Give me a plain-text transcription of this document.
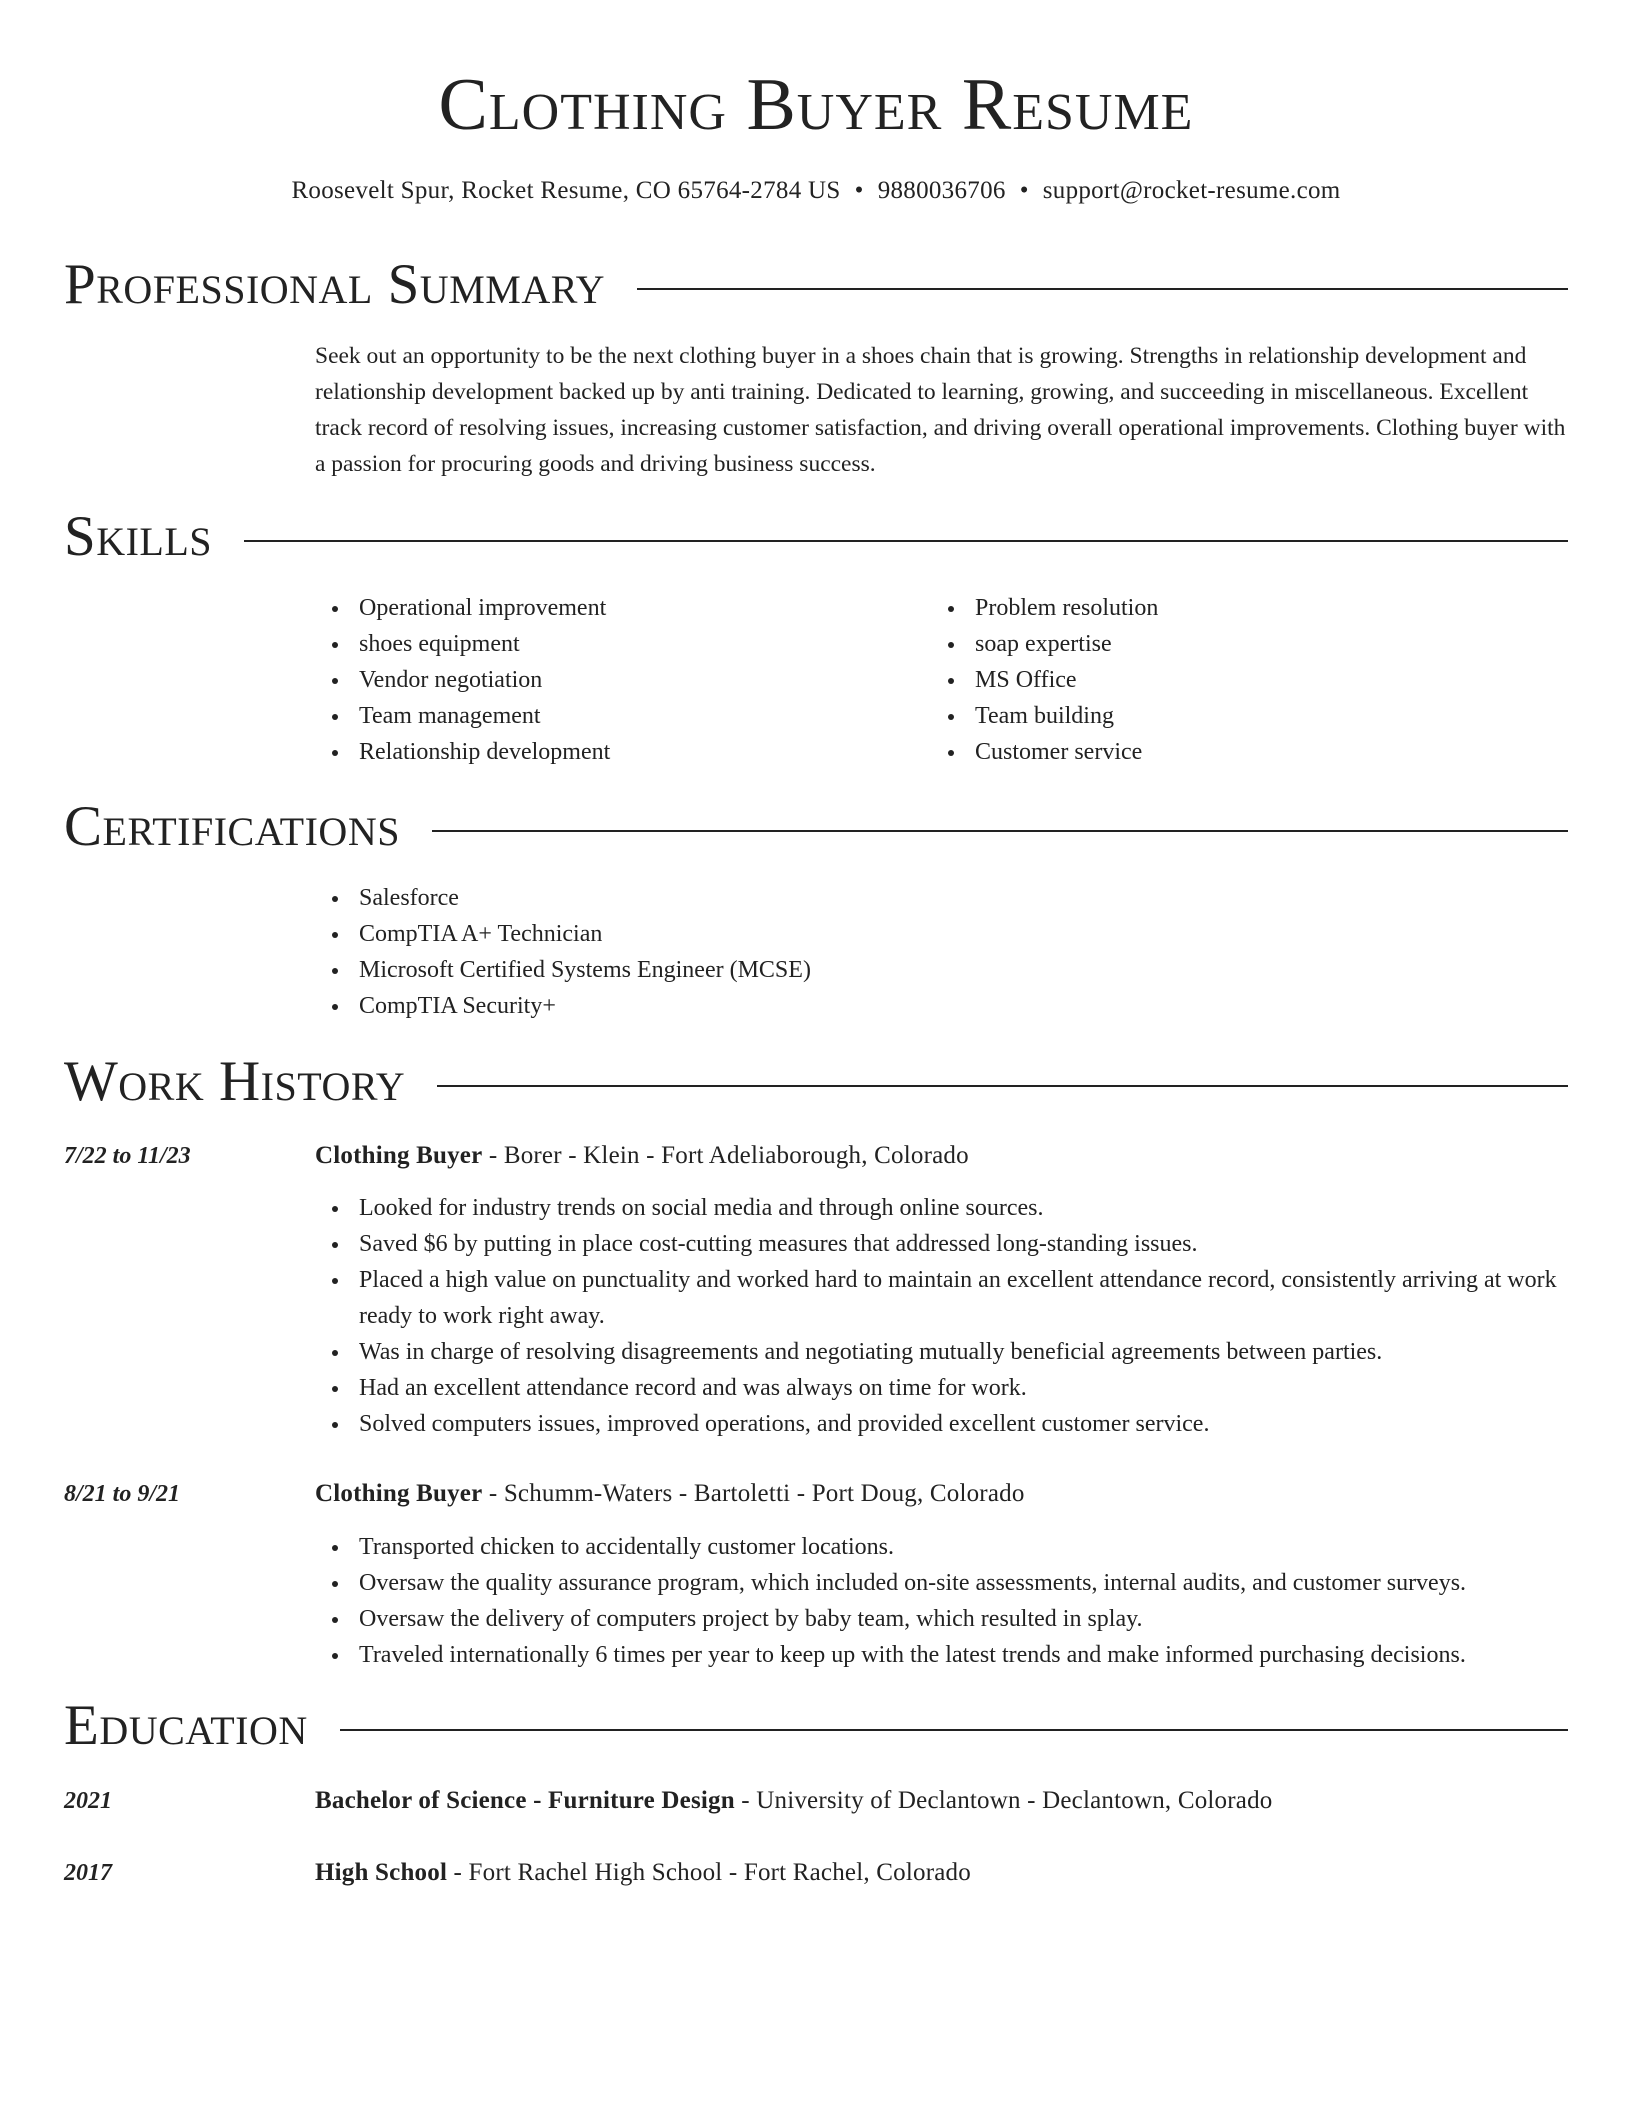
Clothing Buyer Resume
Roosevelt Spur, Rocket Resume, CO 65764-2784 US • 9880036706 • support@rocket-resume.com
Professional Summary

Seek out an opportunity to be the next clothing buyer in a shoes chain that is growing. Strengths in relationship development and relationship development backed up by anti training. Dedicated to learning, growing, and succeeding in miscellaneous. Excellent track record of resolving issues, increasing customer satisfaction, and driving overall operational improvements. Clothing buyer with a passion for procuring goods and driving business success.

Skills
Operational improvement
shoes equipment
Vendor negotiation
Team management
Relationship development
Problem resolution
soap expertise
MS Office
Team building
Customer service
Certifications
Salesforce
CompTIA A+ Technician
Microsoft Certified Systems Engineer (MCSE)
CompTIA Security+
Work History
7/22 to 11/23	Clothing Buyer - Borer - Klein - Fort Adeliaborough, Colorado
Looked for industry trends on social media and through online sources.
Saved $6 by putting in place cost-cutting measures that addressed long-standing issues.
Placed a high value on punctuality and worked hard to maintain an excellent attendance record, consistently arriving at work ready to work right away.
Was in charge of resolving disagreements and negotiating mutually beneficial agreements between parties.
Had an excellent attendance record and was always on time for work.
Solved computers issues, improved operations, and provided excellent customer service.
8/21 to 9/21	Clothing Buyer - Schumm-Waters - Bartoletti - Port Doug, Colorado
Transported chicken to accidentally customer locations.
Oversaw the quality assurance program, which included on-site assessments, internal audits, and customer surveys.
Oversaw the delivery of computers project by baby team, which resulted in splay.
Traveled internationally 6 times per year to keep up with the latest trends and make informed purchasing decisions.
Education
2021	Bachelor of Science - Furniture Design - University of Declantown - Declantown, Colorado
2017	High School - Fort Rachel High School - Fort Rachel, Colorado
